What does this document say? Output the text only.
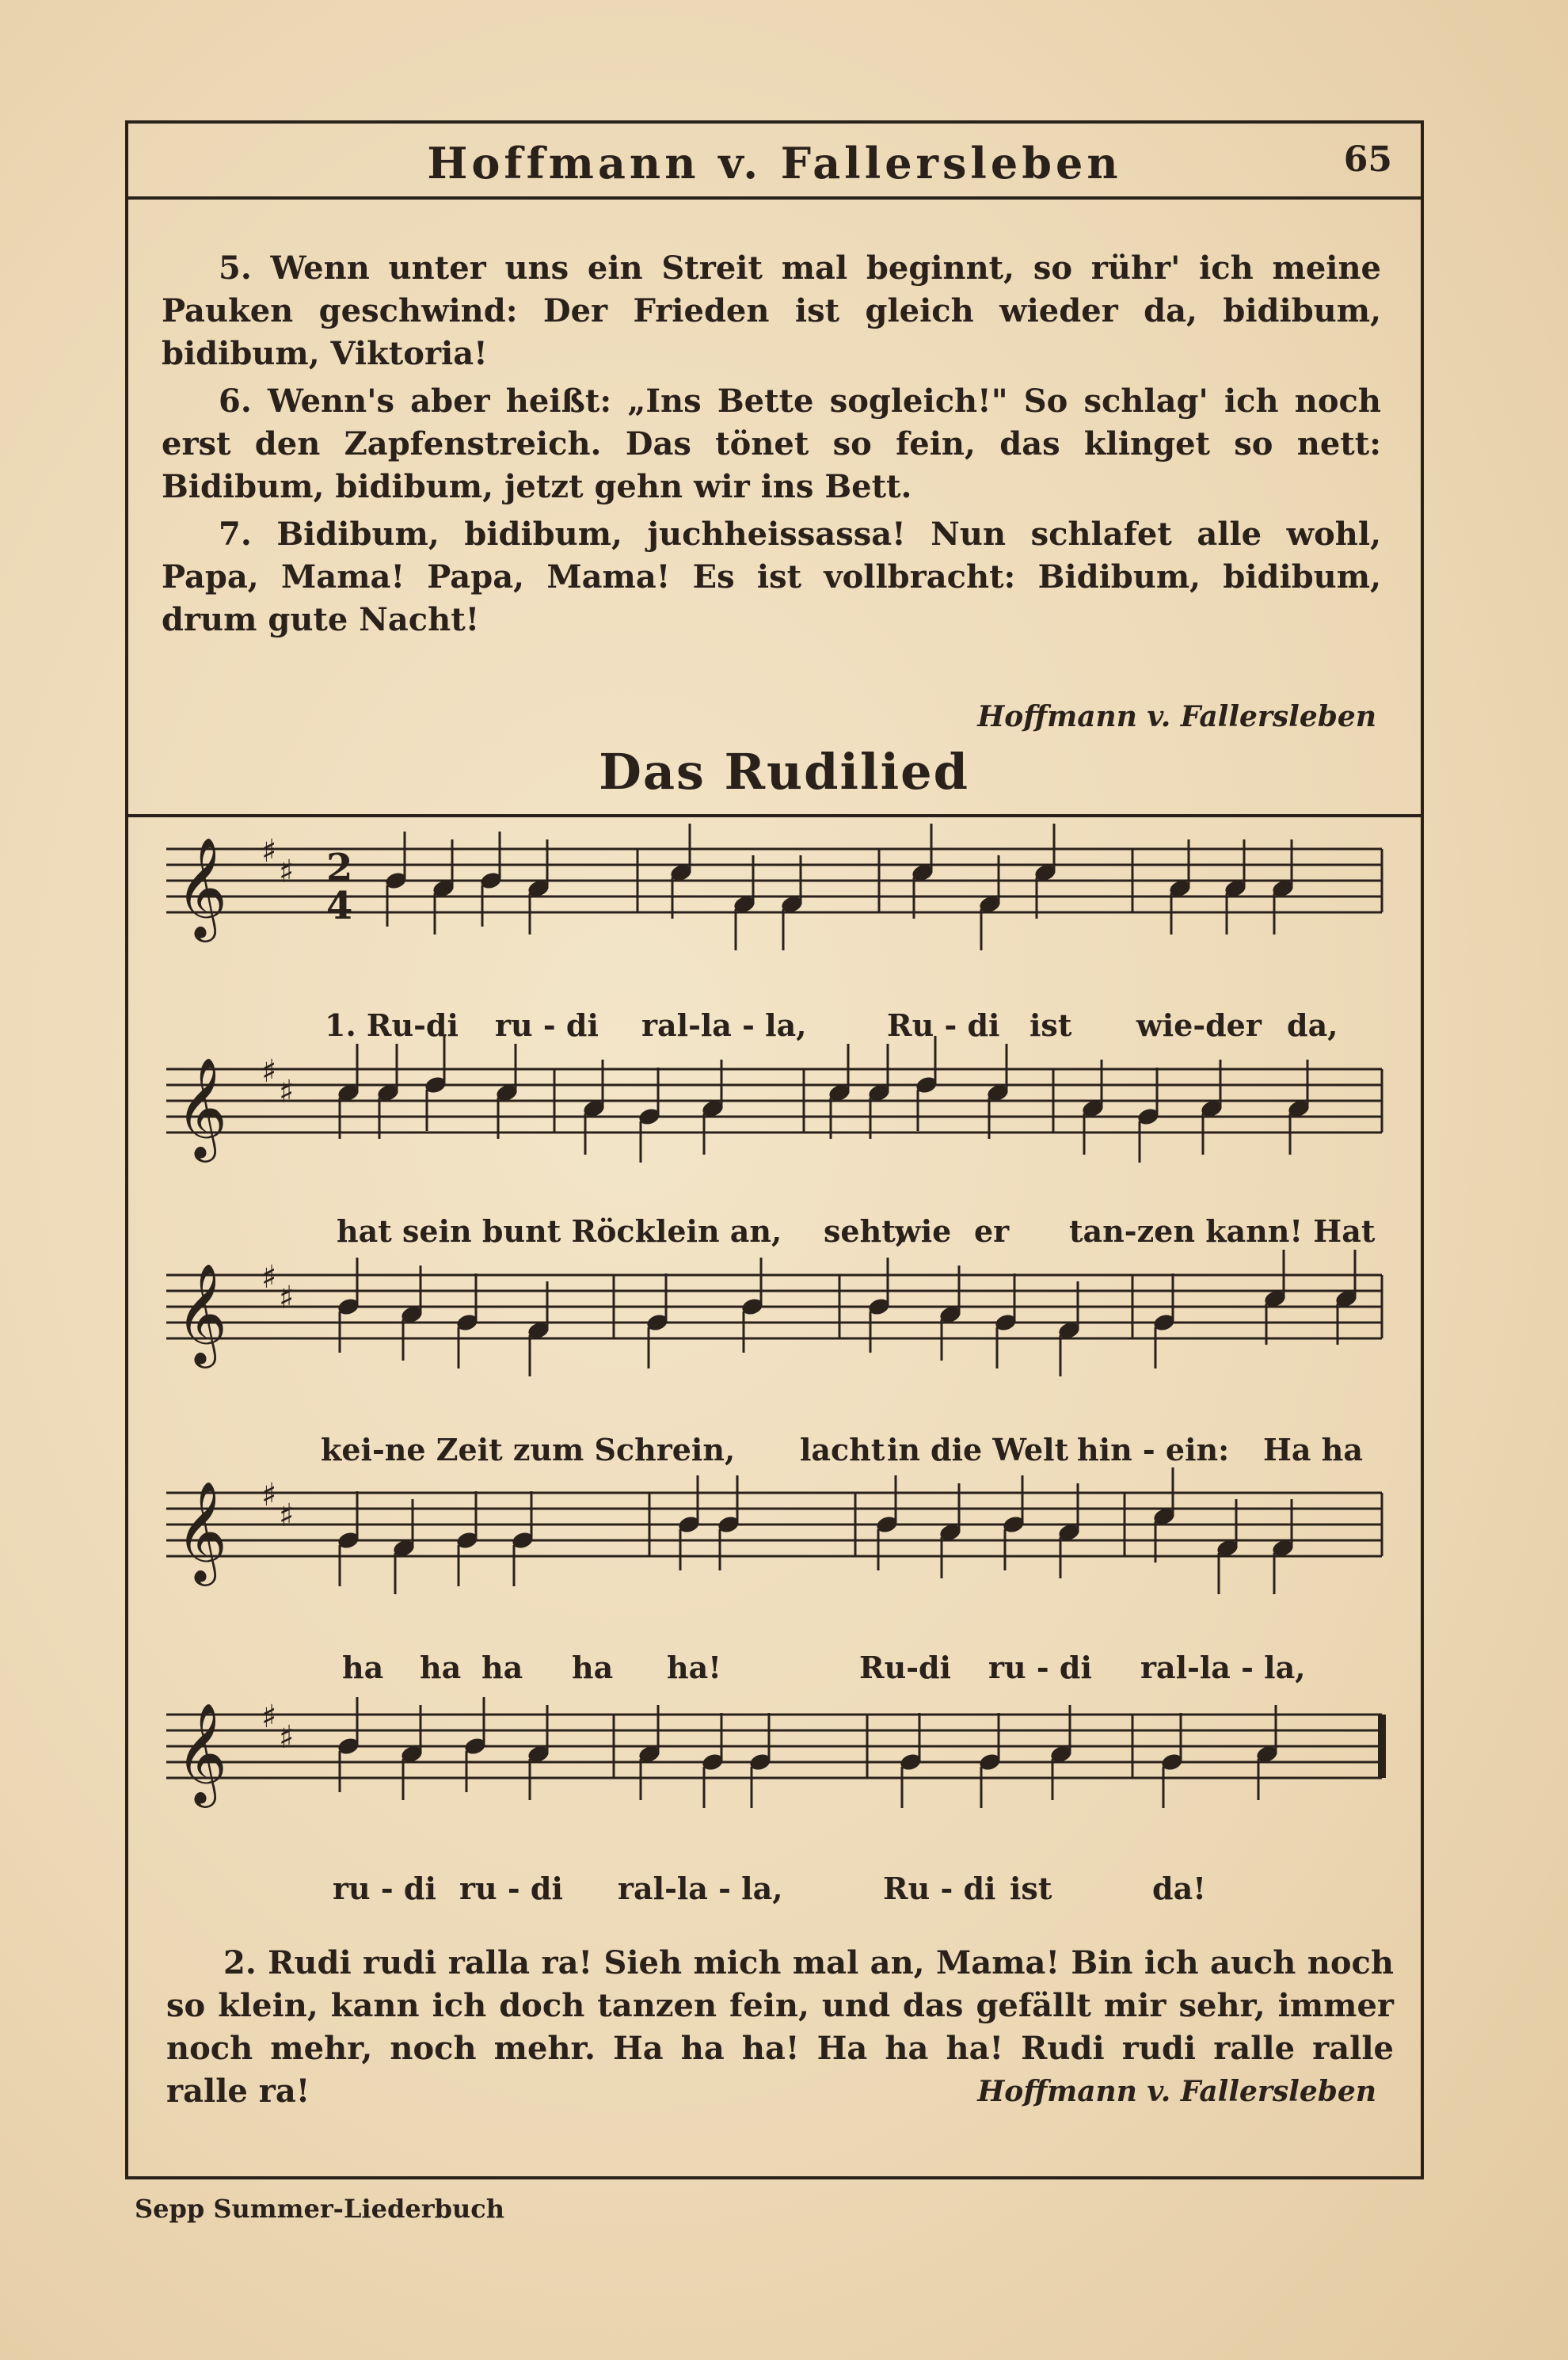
Hoffmann v. Fallersleben	65
5. Wenn unter uns ein Streit mal beginnt, so rühr' ich meine Pauken geschwind: Der Frieden ist gleich wieder da, bidibum, bidibum, Viktoria!
6. Wenn's aber heißt: „Ins Bette sogleich!" So schlag' ich noch erst den Zapfenstreich. Das tönet so fein, das klinget so nett: Bidibum, bidibum, jetzt gehn wir ins Bett.
7. Bidibum, bidibum, juchheissassa! Nun schlafet alle wohl, Papa, Mama! Papa, Mama! Es ist vollbracht: Bidibum, bidibum, drum gute Nacht!
Hoffmann v. Fallersleben
Das Rudilied
𝄞 ♯
♯
𝄞 ♯
♯
𝄞 ♯
♯
𝄞 ♯
♯
𝄞 ♯
♯
2
4
1. Ru-di ru - di ral-la - la,	Ru - di ist wie-der da,
hat sein bunt Röcklein an, seht,
wie er tan-zen kann! Hat
kei-ne Zeit zum Schrein, lacht in die Welt hin - ein: Ha ha
ha ha ha ha ha!	Ru-di ru - di ral-la - la,
ru - di ru - di ral-la - la,	Ru - di ist	da!
2. Rudi rudi ralla ra! Sieh mich mal an, Mama! Bin ich auch noch so klein, kann ich doch tanzen fein, und das gefällt mir sehr, immer noch mehr, noch mehr. Ha ha ha! Ha ha ha! Rudi rudi ralle ralle ralle ra!	Hoffmann v. Fallersleben
Sepp Summer-Liederbuch
